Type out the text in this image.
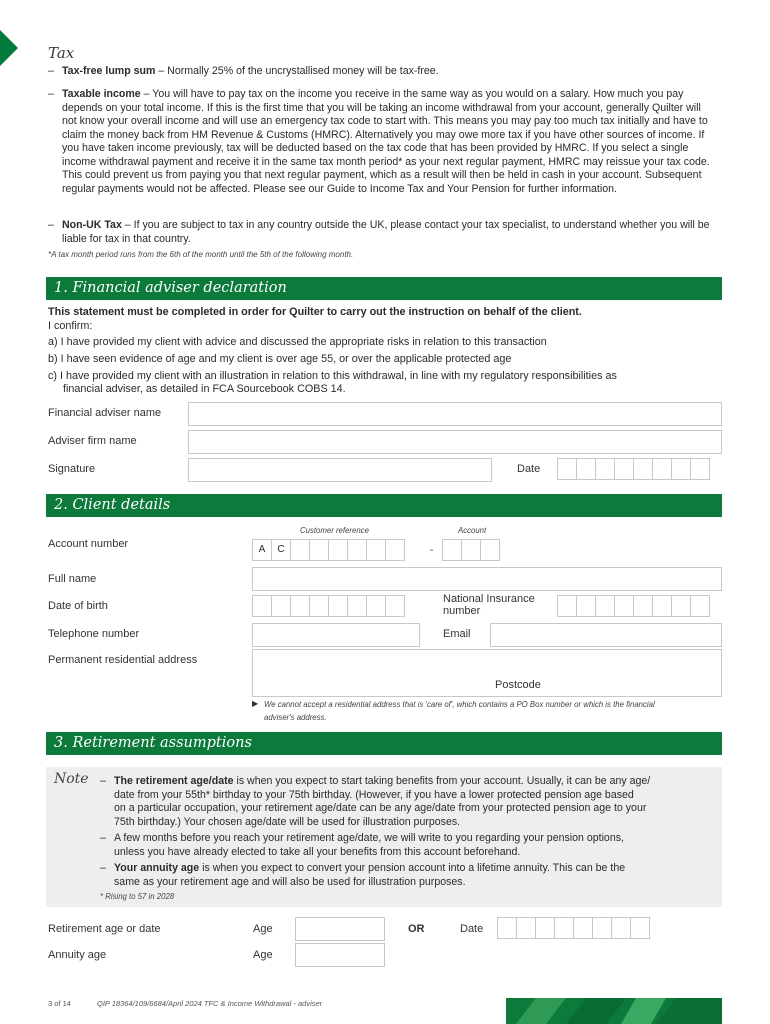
Tax
– Tax-free lump sum – Normally 25% of the uncrystallised money will be tax-free.
– Taxable income – You will have to pay tax on the income you receive in the same way as you would on a salary. How much you pay depends on your total income. If this is the first time that you will be taking an income withdrawal from your account, generally Quilter will not know your overall income and will use an emergency tax code to start with. This means you may pay too much tax initially and have to claim the money back from HM Revenue & Customs (HMRC). Alternatively you may owe more tax if you have other sources of income. If you have taken income previously, tax will be deducted based on the tax code that has been provided by HMRC. If you select a single income withdrawal payment and receive it in the same tax month period* as your next regular payment, HMRC may reissue your tax code. This could prevent us from paying you that next regular payment, which as a result will then be held in cash in your account. Subsequent regular payments would not be affected. Please see our Guide to Income Tax and Your Pension for further information.
– Non-UK Tax – If you are subject to tax in any country outside the UK, please contact your tax specialist, to understand whether you will be liable for tax in that country.
*A tax month period runs from the 6th of the month until the 5th of the following month.
1. Financial adviser declaration
This statement must be completed in order for Quilter to carry out the instruction on behalf of the client.
I confirm:
a) I have provided my client with advice and discussed the appropriate risks in relation to this transaction
b) I have seen evidence of age and my client is over age 55, or over the applicable protected age
c) I have provided my client with an illustration in relation to this withdrawal, in line with my regulatory responsibilities as
financial adviser, as detailed in FCA Sourcebook COBS 14.
Financial adviser name
Adviser firm name
Signature	Date
2. Client details
Customer reference	Account
Account number	A	C	-
Full name
Date of birth
National Insurance
number
Telephone number	Email
Permanent residential address
Postcode
▶ We cannot accept a residential address that is 'care of', which contains a PO Box number or which is the financial
adviser's address.
3. Retirement assumptions
Note – The retirement age/date is when you expect to start taking benefits from your account. Usually, it can be any age/
date from your 55th* birthday to your 75th birthday. (However, if you have a lower protected pension age based
on a particular occupation, your retirement age/date can be any age/date from your protected pension age to your
75th birthday.) Your chosen age/date will be used for illustration purposes.
– A few months before you reach your retirement age/date, we will write to you regarding your pension options,
unless you have already elected to take all your benefits from this account beforehand.
– Your annuity age is when you expect to convert your pension account into a lifetime annuity. This can be the
same as your retirement age and will also be used for illustration purposes.
* Rising to 57 in 2028
Retirement age or date	Age	OR	Date
Annuity age	Age
3 of 14	QIP 18364/109/6684/April 2024 TFC & Income Withdrawal - adviser
